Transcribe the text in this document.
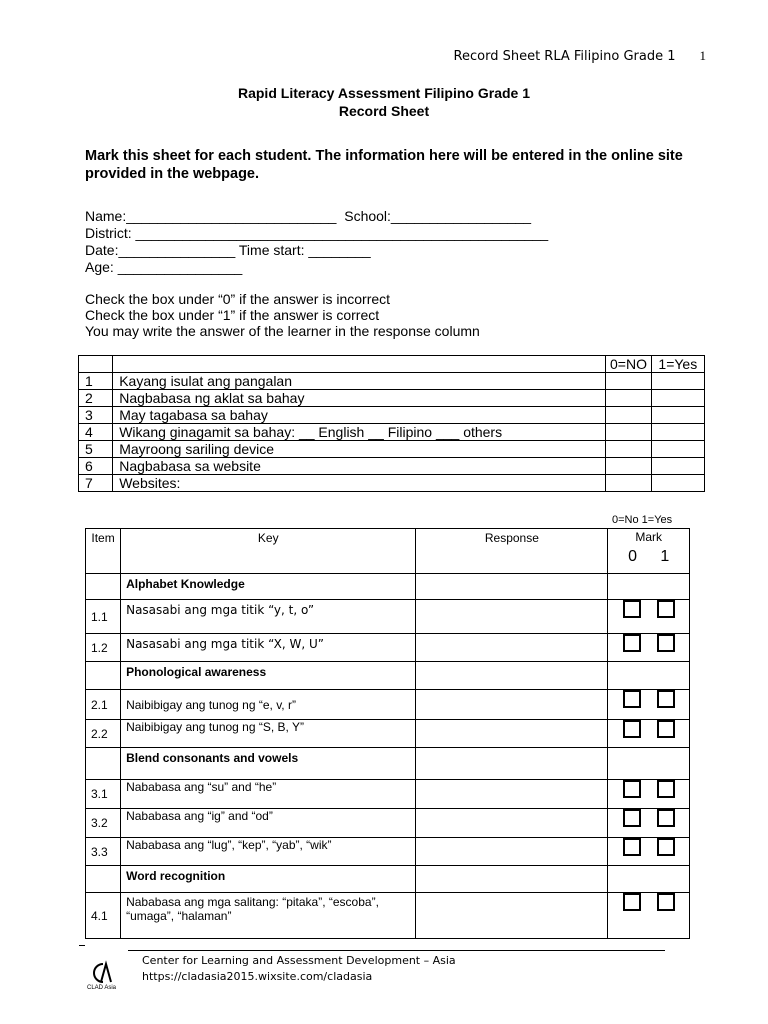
Record Sheet RLA Filipino Grade 1 1
Rapid Literacy Assessment Filipino Grade 1
Record Sheet
Mark this sheet for each student. The information here will be entered in the online site provided in the webpage.
Name:___________________________  School:__________________
District: _____________________________________________________
Date:_______________ Time start: ________
Age: ________________
Check the box under “0” if the answer is incorrect
Check the box under “1” if the answer is correct
You may write the answer of the learner in the response column
		0=NO	1=Yes
1	Kayang isulat ang pangalan		
2	Nagbabasa ng aklat sa bahay		
3	May tagabasa sa bahay		
4	Wikang ginagamit sa bahay: __ English __ Filipino ___ others		
5	Mayroong sariling device		
6	Nagbabasa sa website		
7	Websites:		
0=No 1=Yes
Item	Key	Response	Mark
0 1

	Alphabet Knowledge		
1.1	Nasasabi ang mga titik “y, t, o”		

1.2	Nasasabi ang mga titik “X, W, U”		

	Phonological awareness		
2.1	Naibibigay ang tunog ng “e, v, r”		

2.2	Naibibigay ang tunog ng “S, B, Y”		

	Blend consonants and vowels		
3.1	Nababasa ang “su” and “he”		

3.2	Nababasa ang “ig” and “od”		

3.3	Nababasa ang “lug”, “kep”, “yab”, “wik”		

	Word recognition		
4.1	Nababasa ang mga salitang: “pitaka”, “escoba”, “umaga”, “halaman”		
CLAD Asia
Center for Learning and Assessment Development – Asia
https://cladasia2015.wixsite.com/cladasia
